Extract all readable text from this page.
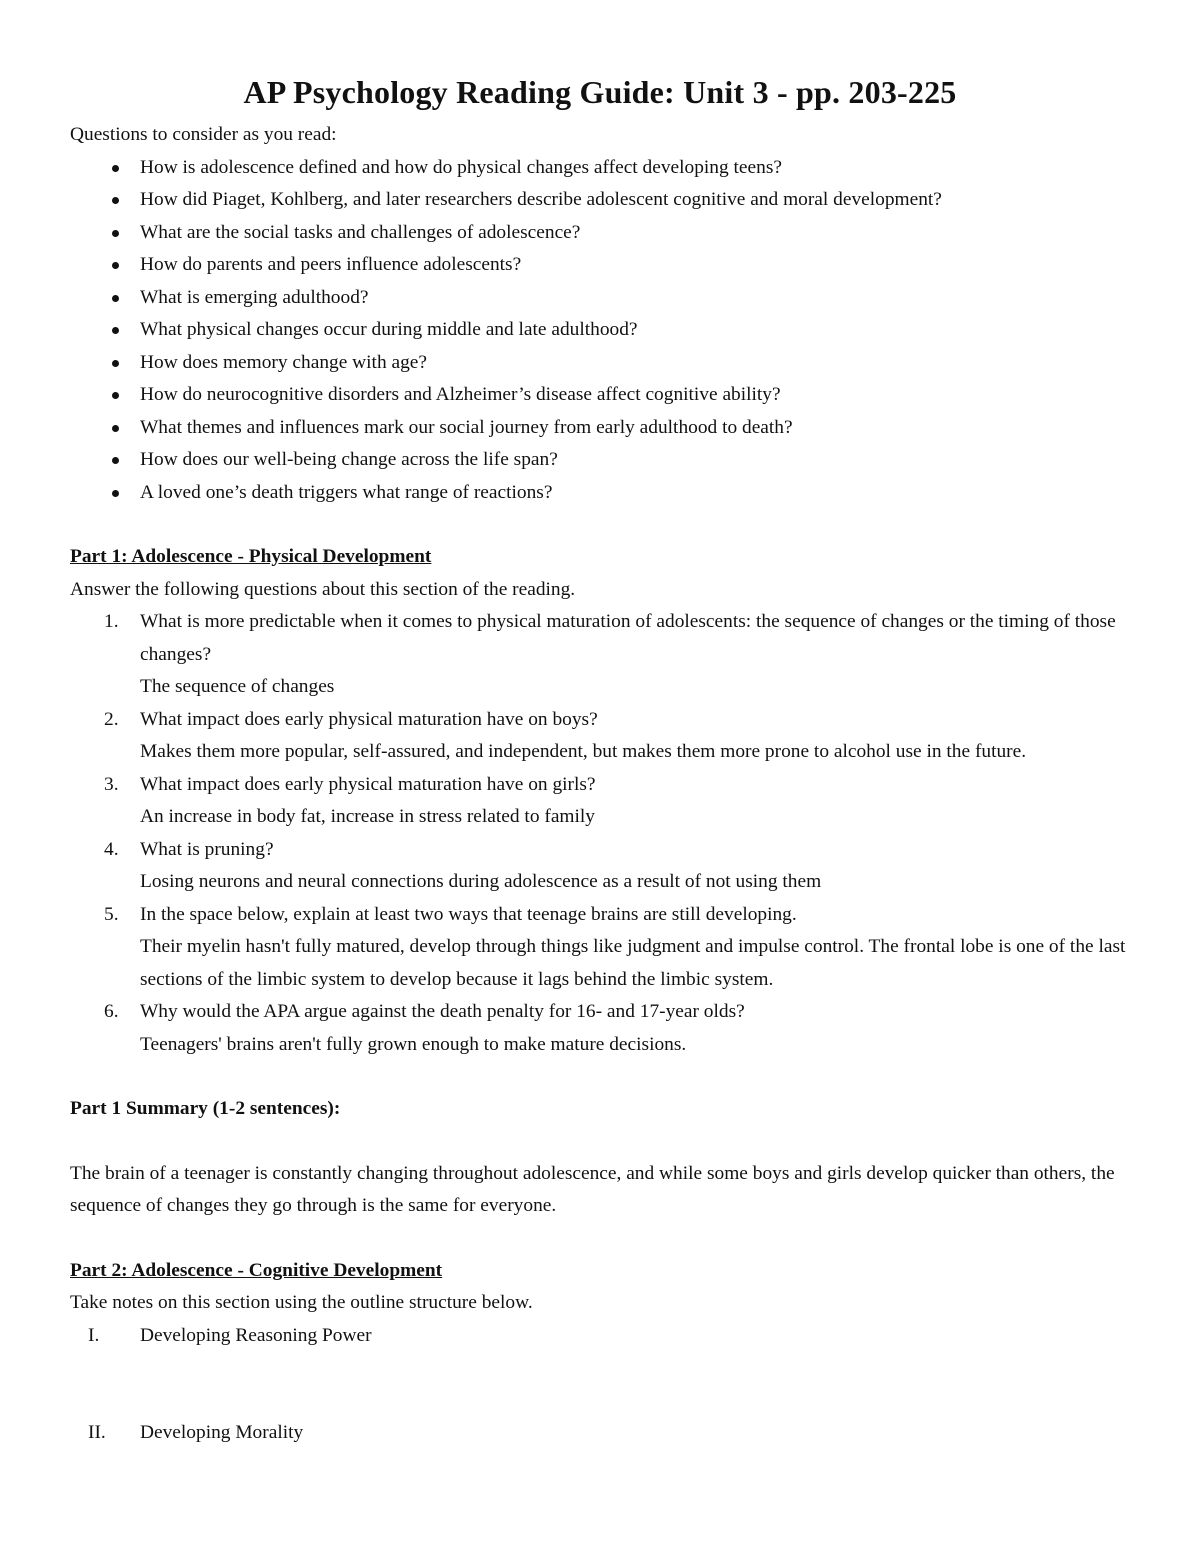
AP Psychology Reading Guide: Unit 3 - pp. 203-225

Questions to consider as you read:

How is adolescence defined and how do physical changes affect developing teens?
How did Piaget, Kohlberg, and later researchers describe adolescent cognitive and moral development?
What are the social tasks and challenges of adolescence?
How do parents and peers influence adolescents?
What is emerging adulthood?
What physical changes occur during middle and late adulthood?
How does memory change with age?
How do neurocognitive disorders and Alzheimer’s disease affect cognitive ability?
What themes and influences mark our social journey from early adulthood to death?
How does our well-being change across the life span?
A loved one’s death triggers what range of reactions?

Part 1: Adolescence - Physical Development

Answer the following questions about this section of the reading.

1. What is more predictable when it comes to physical maturation of adolescents: the sequence of changes or the timing of those changes?
The sequence of changes
2. What impact does early physical maturation have on boys?
Makes them more popular, self-assured, and independent, but makes them more prone to alcohol use in the future.
3. What impact does early physical maturation have on girls?
An increase in body fat, increase in stress related to family
4. What is pruning?
Losing neurons and neural connections during adolescence as a result of not using them
5. In the space below, explain at least two ways that teenage brains are still developing.
Their myelin hasn't fully matured, develop through things like judgment and impulse control. The frontal lobe is one of the last sections of the limbic system to develop because it lags behind the limbic system.
6. Why would the APA argue against the death penalty for 16- and 17-year olds?
Teenagers' brains aren't fully grown enough to make mature decisions.

Part 1 Summary (1-2 sentences):

The brain of a teenager is constantly changing throughout adolescence, and while some boys and girls develop quicker than others, the sequence of changes they go through is the same for everyone.

Part 2: Adolescence - Cognitive Development

Take notes on this section using the outline structure below.

I. Developing Reasoning Power
II. Developing Morality
